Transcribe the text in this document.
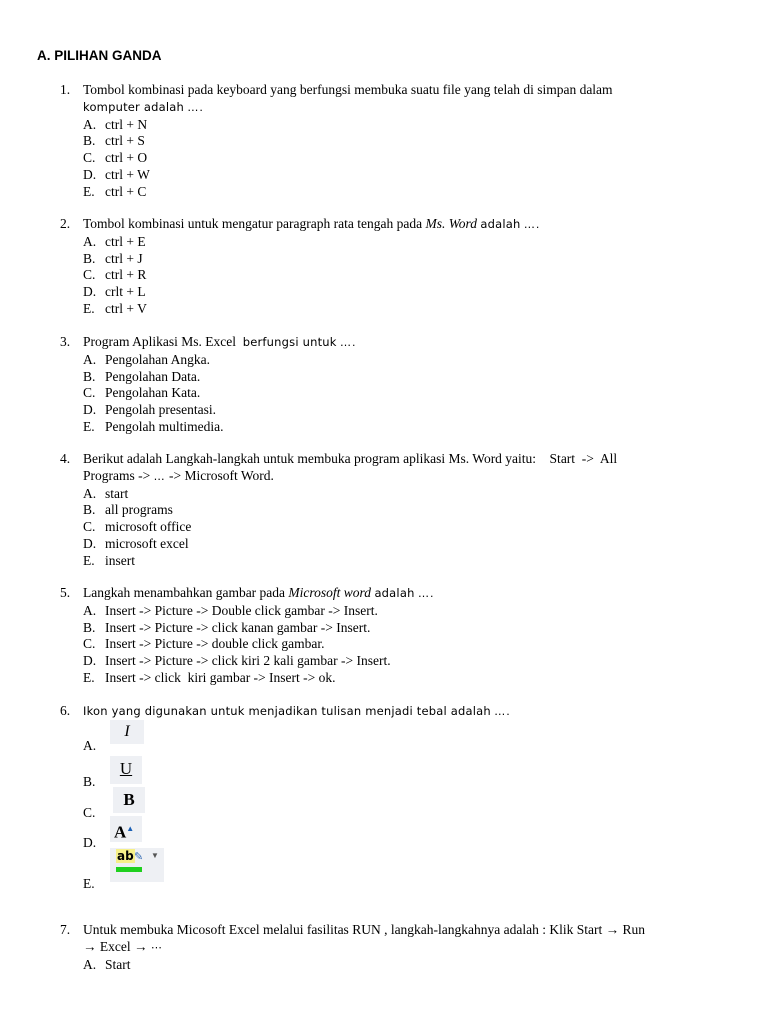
A. PILIHAN GANDA
1. Tombol kombinasi pada keyboard yang berfungsi membuka suatu file yang telah di simpan dalam
komputer adalah ….
A. ctrl + N
B. ctrl + S
C. ctrl + O
D. ctrl + W
E. ctrl + C
2. Tombol kombinasi untuk mengatur paragraph rata tengah pada Ms. Word adalah ….
A. ctrl + E
B. ctrl + J
C. ctrl + R
D. crlt + L
E. ctrl + V
3. Program Aplikasi Ms. Excel berfungsi untuk ….
A. Pengolahan Angka.
B. Pengolahan Data.
C. Pengolahan Kata.
D. Pengolah presentasi.
E. Pengolah multimedia.
4. Berikut adalah Langkah-langkah untuk membuka program aplikasi Ms. Word yaitu:    Start  ->  All
Programs -> … -> Microsoft Word.
A. start
B. all programs
C. microsoft office
D. microsoft excel
E. insert
5. Langkah menambahkan gambar pada Microsoft word adalah ….
A. Insert -> Picture -> Double click gambar -> Insert.
B. Insert -> Picture -> click kanan gambar -> Insert.
C. Insert -> Picture -> double click gambar.
D. Insert -> Picture -> click kiri 2 kali gambar -> Insert.
E. Insert -> click  kiri gambar -> Insert -> ok.
6. Ikon yang digunakan untuk menjadikan tulisan menjadi tebal adalah ….
A.
I
B.
U
C.
B
D.
A▲
E.
ab ✎ ▼
7. Untuk membuka Micosoft Excel melalui fasilitas RUN , langkah-langkahnya adalah : Klik Start → Run
→ Excel → ⋯
A. Start
